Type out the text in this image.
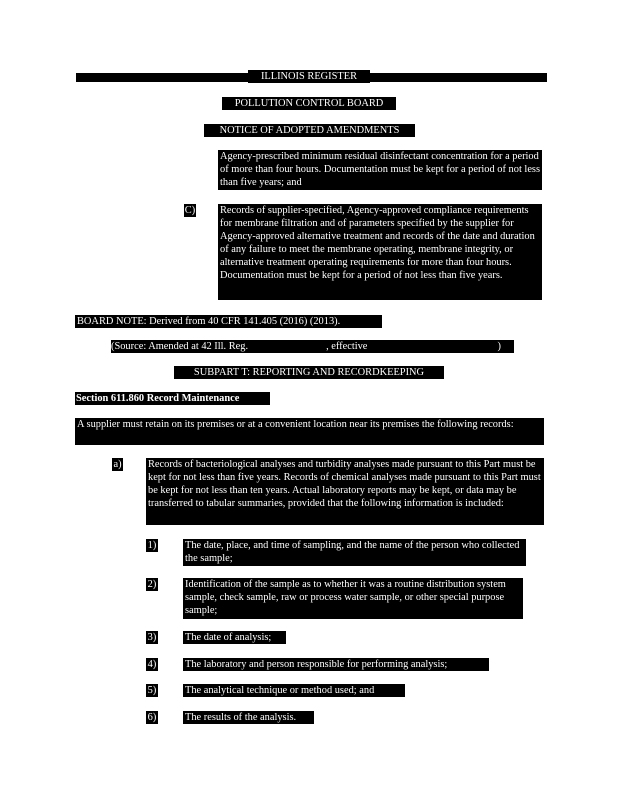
ILLINOIS REGISTER
POLLUTION CONTROL BOARD
NOTICE OF ADOPTED AMENDMENTS
Agency-prescribed minimum residual disinfectant concentration for a period of more than four hours. Documentation must be kept for a period of not less than five years; and
C) Records of supplier-specified, Agency-approved compliance requirements for membrane filtration and of parameters specified by the supplier for Agency-approved alternative treatment and records of the date and duration of any failure to meet the membrane operating, membrane integrity, or alternative treatment operating requirements for more than four hours. Documentation must be kept for a period of not less than five years.
BOARD NOTE: Derived from 40 CFR 141.405 (2016) (2013).
(Source: Amended at 42 Ill. Reg.	, effective	)
SUBPART T: REPORTING AND RECORDKEEPING
Section 611.860 Record Maintenance
A supplier must retain on its premises or at a convenient location near its premises the following records:
a)	Records of bacteriological analyses and turbidity analyses made pursuant to this Part must be kept for not less than five years. Records of chemical analyses made pursuant to this Part must be kept for not less than ten years. Actual laboratory reports may be kept, or data may be transferred to tabular summaries, provided that the following information is included:
1)	The date, place, and time of sampling, and the name of the person who collected the sample;
2)	Identification of the sample as to whether it was a routine distribution system sample, check sample, raw or process water sample, or other special purpose sample;
3)	The date of analysis;
4)	The laboratory and person responsible for performing analysis;
5)	The analytical technique or method used; and
6)	The results of the analysis.
